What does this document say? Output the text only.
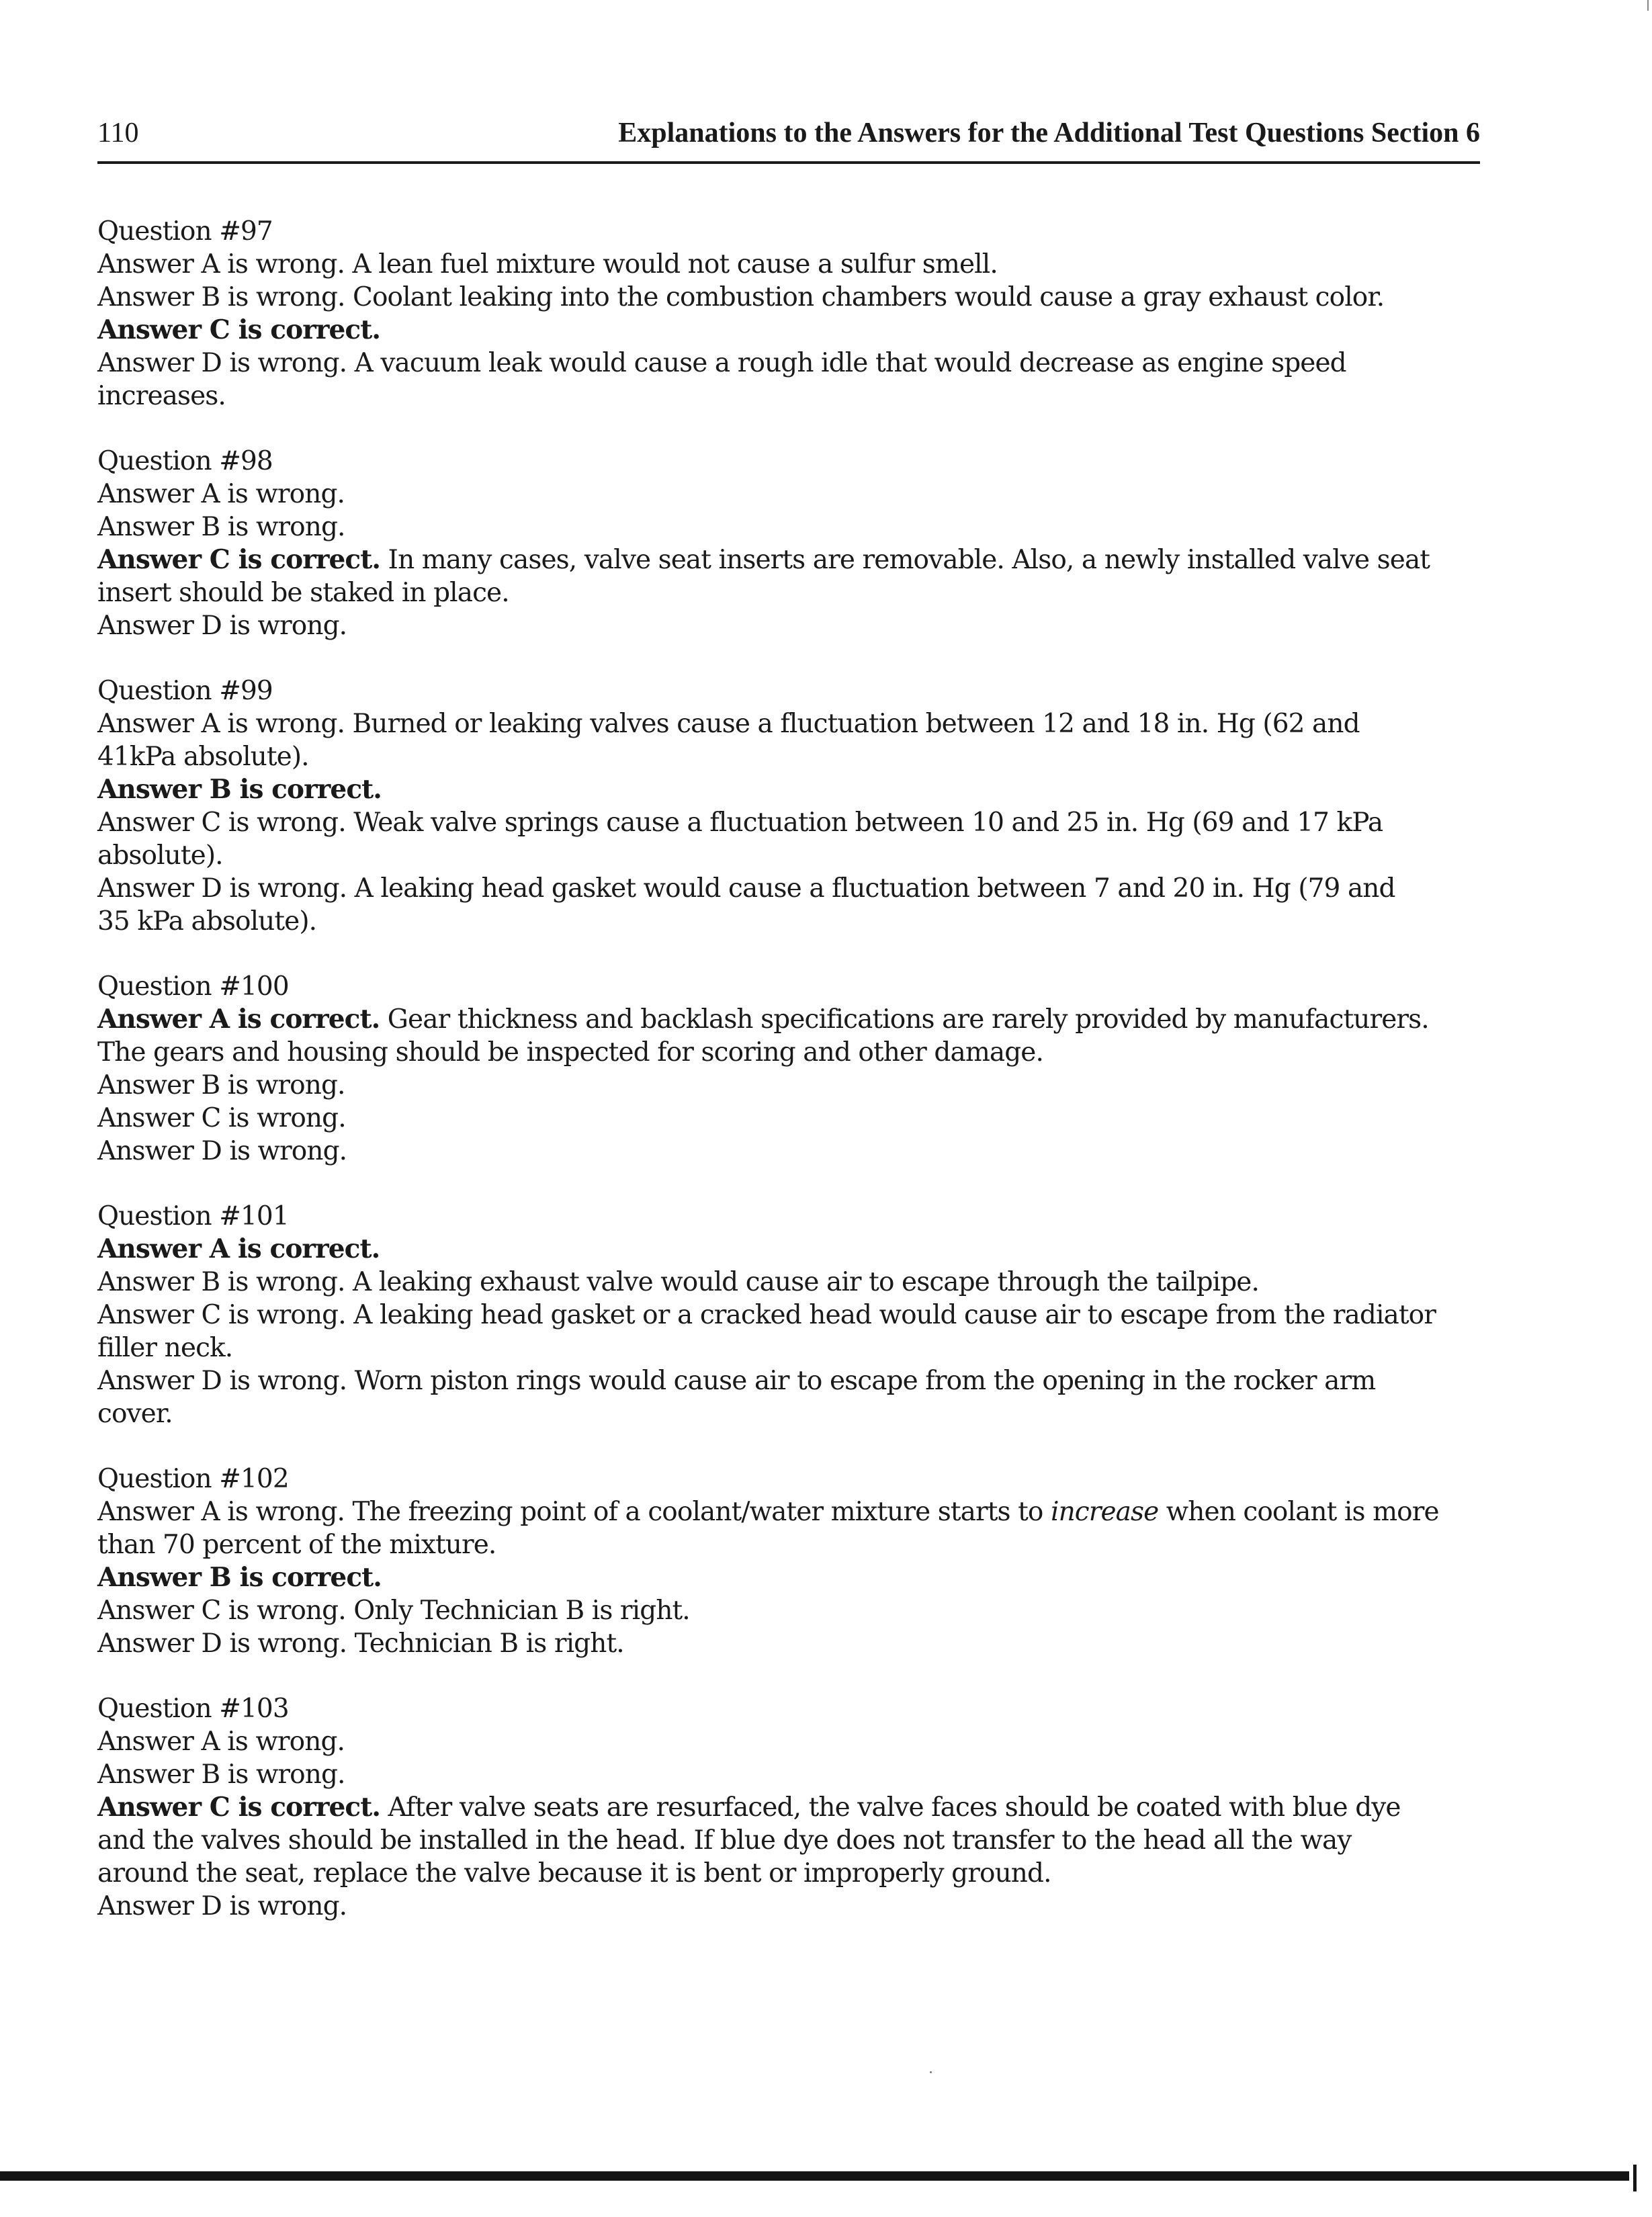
110	Explanations to the Answers for the Additional Test Questions Section 6
Question #97
Answer A is wrong. A lean fuel mixture would not cause a sulfur smell.
Answer B is wrong. Coolant leaking into the combustion chambers would cause a gray exhaust color.
Answer C is correct.
Answer D is wrong. A vacuum leak would cause a rough idle that would decrease as engine speed
increases.
Question #98
Answer A is wrong.
Answer B is wrong.
Answer C is correct. In many cases, valve seat inserts are removable. Also, a newly installed valve seat
insert should be staked in place.
Answer D is wrong.
Question #99
Answer A is wrong. Burned or leaking valves cause a fluctuation between 12 and 18 in. Hg (62 and
41kPa absolute).
Answer B is correct.
Answer C is wrong. Weak valve springs cause a fluctuation between 10 and 25 in. Hg (69 and 17 kPa
absolute).
Answer D is wrong. A leaking head gasket would cause a fluctuation between 7 and 20 in. Hg (79 and
35 kPa absolute).
Question #100
Answer A is correct. Gear thickness and backlash specifications are rarely provided by manufacturers.
The gears and housing should be inspected for scoring and other damage.
Answer B is wrong.
Answer C is wrong.
Answer D is wrong.
Question #101
Answer A is correct.
Answer B is wrong. A leaking exhaust valve would cause air to escape through the tailpipe.
Answer C is wrong. A leaking head gasket or a cracked head would cause air to escape from the radiator
filler neck.
Answer D is wrong. Worn piston rings would cause air to escape from the opening in the rocker arm
cover.
Question #102
Answer A is wrong. The freezing point of a coolant/water mixture starts to increase when coolant is more
than 70 percent of the mixture.
Answer B is correct.
Answer C is wrong. Only Technician B is right.
Answer D is wrong. Technician B is right.
Question #103
Answer A is wrong.
Answer B is wrong.
Answer C is correct. After valve seats are resurfaced, the valve faces should be coated with blue dye
and the valves should be installed in the head. If blue dye does not transfer to the head all the way
around the seat, replace the valve because it is bent or improperly ground.
Answer D is wrong.
